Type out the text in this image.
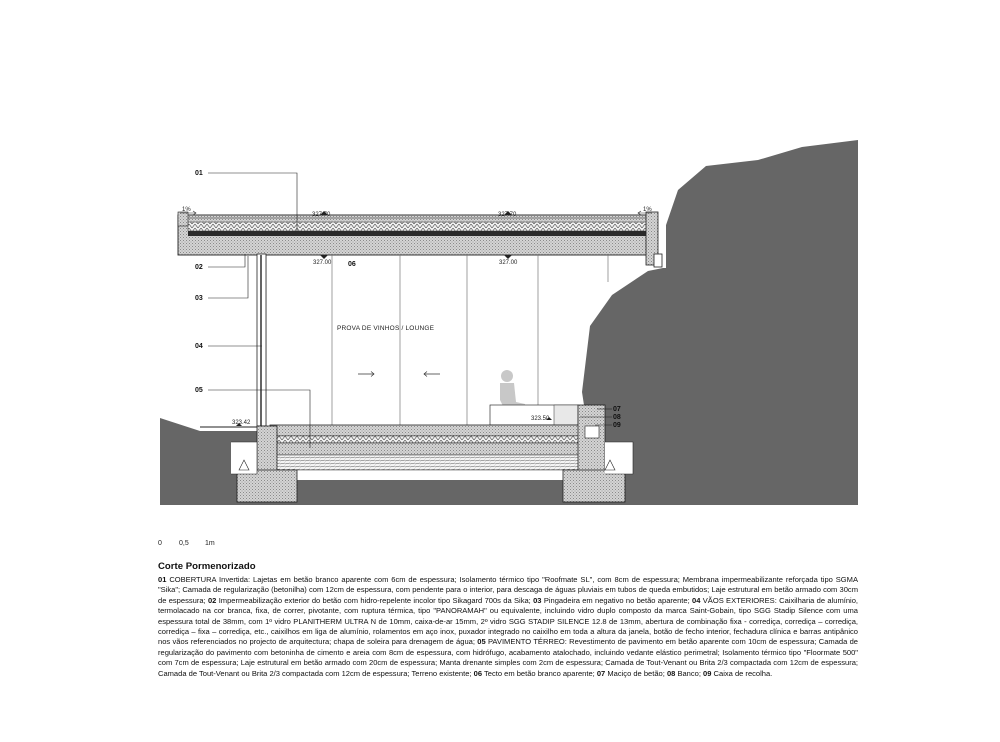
01
02
03
04
05
06
07
08
09
1%	1%
327.70	327.70
327.00	327.00
323.42
323.50
PROVA DE VINHOS / LOUNGE
0 0,5 1m
Corte Pormenorizado

01 COBERTURA Invertida: Lajetas em betão branco aparente com 6cm de espessura; Isolamento térmico tipo "Roofmate SL", com 8cm de espessura; Membrana impermeabilizante reforçada tipo SGMA "Sika"; Camada de regularização (betonilha) com 12cm de espessura, com pendente para o interior, para descaga de águas pluviais em tubos de queda embutidos; Laje estrutural em betão armado com 30cm de espessura; 02 Impermeabilização exterior do betão com hidro-repelente incolor tipo Sikagard 700s da Sika; 03 Pingadeira em negativo no betão aparente; 04 VÃOS EXTERIORES: Caixilharia de alumínio, termolacado na cor branca, fixa, de correr, pivotante, com ruptura térmica, tipo "PANORAMAH" ou equivalente, incluindo vidro duplo composto da marca Saint-Gobain, tipo SGG Stadip Silence com uma espessura total de 38mm, com 1º vidro PLANITHERM ULTRA N de 10mm, caixa-de-ar 15mm, 2º vidro SGG STADIP SILENCE 12.8 de 13mm, abertura de combinação fixa - corrediça, corrediça – corrediça, corrediça – fixa – corrediça, etc., caixilhos em liga de alumínio, rolamentos em aço inox, puxador integrado no caixilho em toda a altura da janela, botão de fecho interior, fechadura clínica e barras antipânico nos vãos referenciados no projecto de arquitectura; chapa de soleira para drenagem de água; 05 PAVIMENTO TÉRREO: Revestimento de pavimento em betão aparente com 10cm de espessura; Camada de regularização do pavimento com betoninha de cimento e areia com 8cm de espessura, com hidrófugo, acabamento atalochado, incluindo vedante elástico perimetral; Isolamento térmico tipo "Floormate 500" com 7cm de espessura; Laje estrutural em betão armado com 20cm de espessura; Manta drenante simples com 2cm de espessura; Camada de Tout-Venant ou Brita 2/3 compactada com 12cm de espessura; Camada de Tout-Venant ou Brita 2/3 compactada com 12cm de espessura; Terreno existente; 06 Tecto em betão branco aparente; 07 Maciço de betão; 08 Banco; 09 Caixa de recolha.
